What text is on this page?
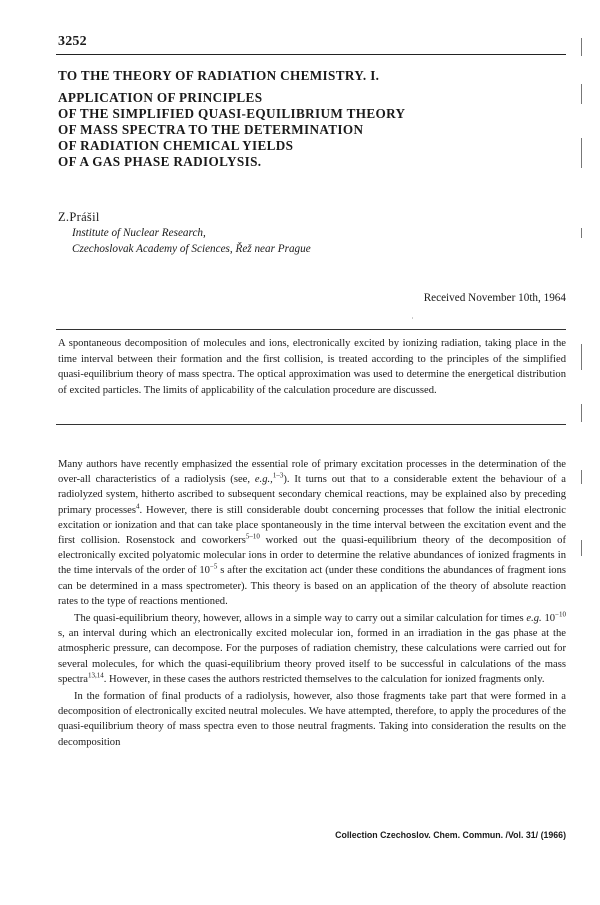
3252
TO THE THEORY OF RADIATION CHEMISTRY. I.
APPLICATION OF PRINCIPLES
OF THE SIMPLIFIED QUASI-EQUILIBRIUM THEORY
OF MASS SPECTRA TO THE DETERMINATION
OF RADIATION CHEMICAL YIELDS
OF A GAS PHASE RADIOLYSIS.
Z.Prášil
Institute of Nuclear Research,
Czechoslovak Academy of Sciences, Řež near Prague
Received November 10th, 1964
˙
A spontaneous decomposition of molecules and ions, electronically excited by ionizing radiation, taking place in the time interval between their formation and the first collision, is treated according to the principles of the simplified quasi-equilibrium theory of mass spectra. The optical approximation was used to determine the energetical distribution of excited particles. The limits of applicability of the calculation procedure are discussed.

Many authors have recently emphasized the essential role of primary excitation processes in the determination of the over-all characteristics of a radiolysis (see, e.g.,$^{1-3}$). It turns out that to a considerable extent the behaviour of a radiolyzed system, hitherto ascribed to subsequent secondary chemical reactions, may be explained also by preceding primary processes$^4$. However, there is still considerable doubt concerning processes that follow the initial electronic excitation or ionization and that can take place spontaneously in the time interval between the excitation event and the first collision. Rosenstock and coworkers$^{5-10}$ worked out the quasi-equilibrium theory of the decomposition of electronically excited polyatomic molecular ions in order to determine the relative abundances of ionized fragments in the time intervals of the order of $10^{-5}$ s after the excitation act (under these conditions the abundances of fragment ions can be determined in a mass spectrometer). This theory is based on an application of the theory of absolute reaction rates to the type of reactions mentioned.

The quasi-equilibrium theory, however, allows in a simple way to carry out a similar calculation for times e.g. $10^{-10}$ s, an interval during which an electronically excited molecular ion, formed in an irradiation in the gas phase at the atmospheric pressure, can decompose. For the purposes of radiation chemistry, these calculations were carried out for several molecules, for which the quasi-equilibrium theory proved itself to be successful in calculations of the mass spectra$^{13,14}$. However, in these cases the authors restricted themselves to the calculation for ionized fragments only.

In the formation of final products of a radiolysis, however, also those fragments take part that were formed in a decomposition of electronically excited neutral molecules. We have attempted, therefore, to apply the procedures of the quasi-equilibrium theory of mass spectra even to those neutral fragments. Taking into consideration the results on the decomposition

Collection Czechoslov. Chem. Commun. /Vol. 31/ (1966)
